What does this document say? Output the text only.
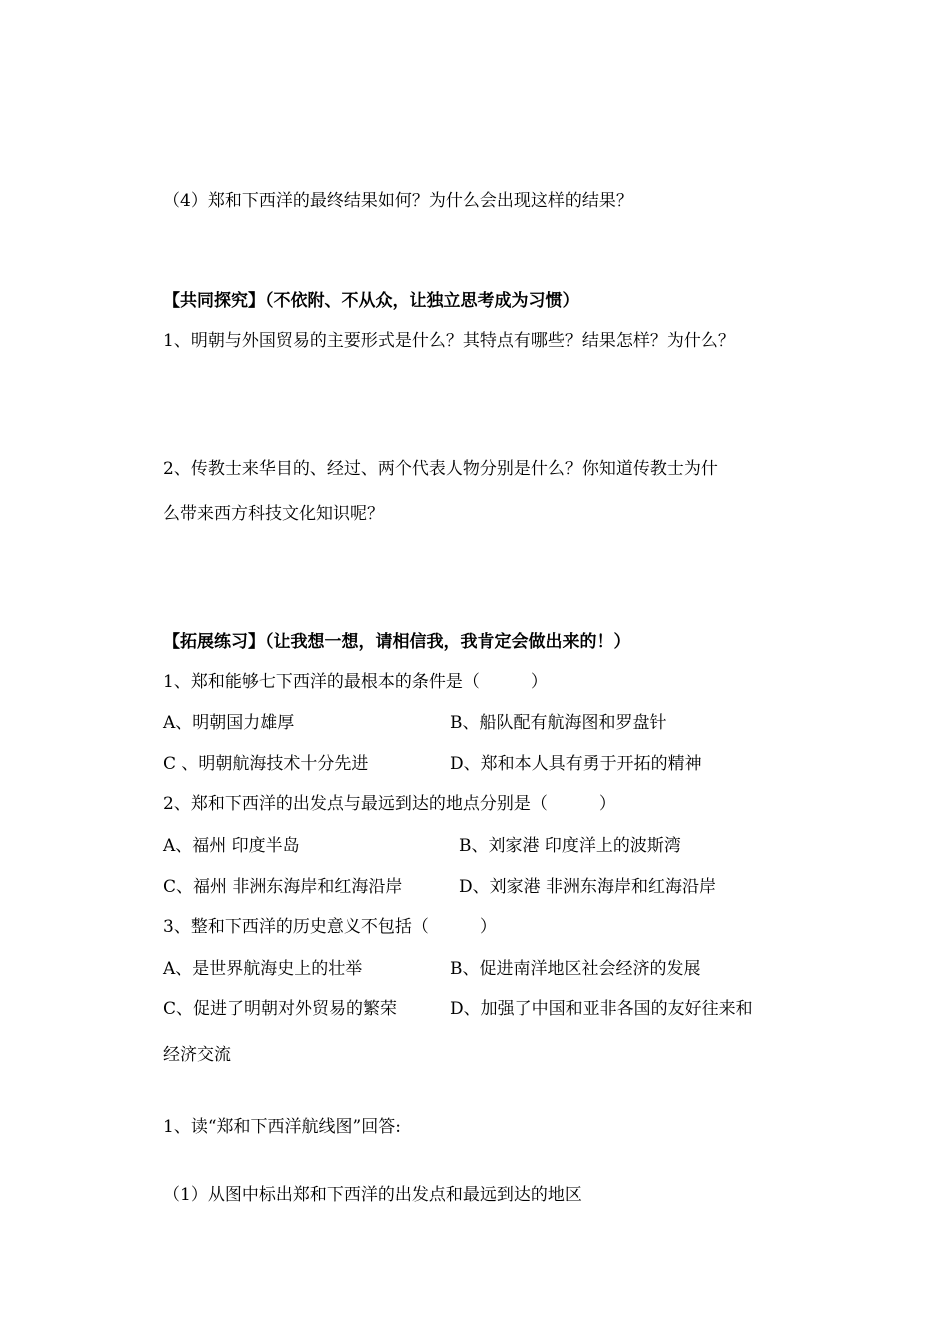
（4）郑和下西洋的最终结果如何？为什么会出现这样的结果？

【共同探究】（不依附、不从众，让独立思考成为习惯）

1、明朝与外国贸易的主要形式是什么？其特点有哪些？结果怎样？为什么？

2、传教士来华目的、经过、两个代表人物分别是什么？你知道传教士为什

么带来西方科技文化知识呢？

【拓展练习】（让我想一想，请相信我，我肯定会做出来的！）

1、郑和能够七下西洋的最根本的条件是（　　　）

A、明朝国力雄厚	B、船队配有航海图和罗盘针
C 、明朝航海技术十分先进	D、郑和本人具有勇于开拓的精神

2、郑和下西洋的出发点与最远到达的地点分别是（　　　）

A、福州 印度半岛	B、刘家港 印度洋上的波斯湾
C、福州 非洲东海岸和红海沿岸	D、刘家港 非洲东海岸和红海沿岸

3、整和下西洋的历史意义不包括（　　　）

A、是世界航海史上的壮举	B、促进南洋地区社会经济的发展
C、促进了明朝对外贸易的繁荣	D、加强了中国和亚非各国的友好往来和

经济交流

1、读“郑和下西洋航线图”回答:

（1）从图中标出郑和下西洋的出发点和最远到达的地区
